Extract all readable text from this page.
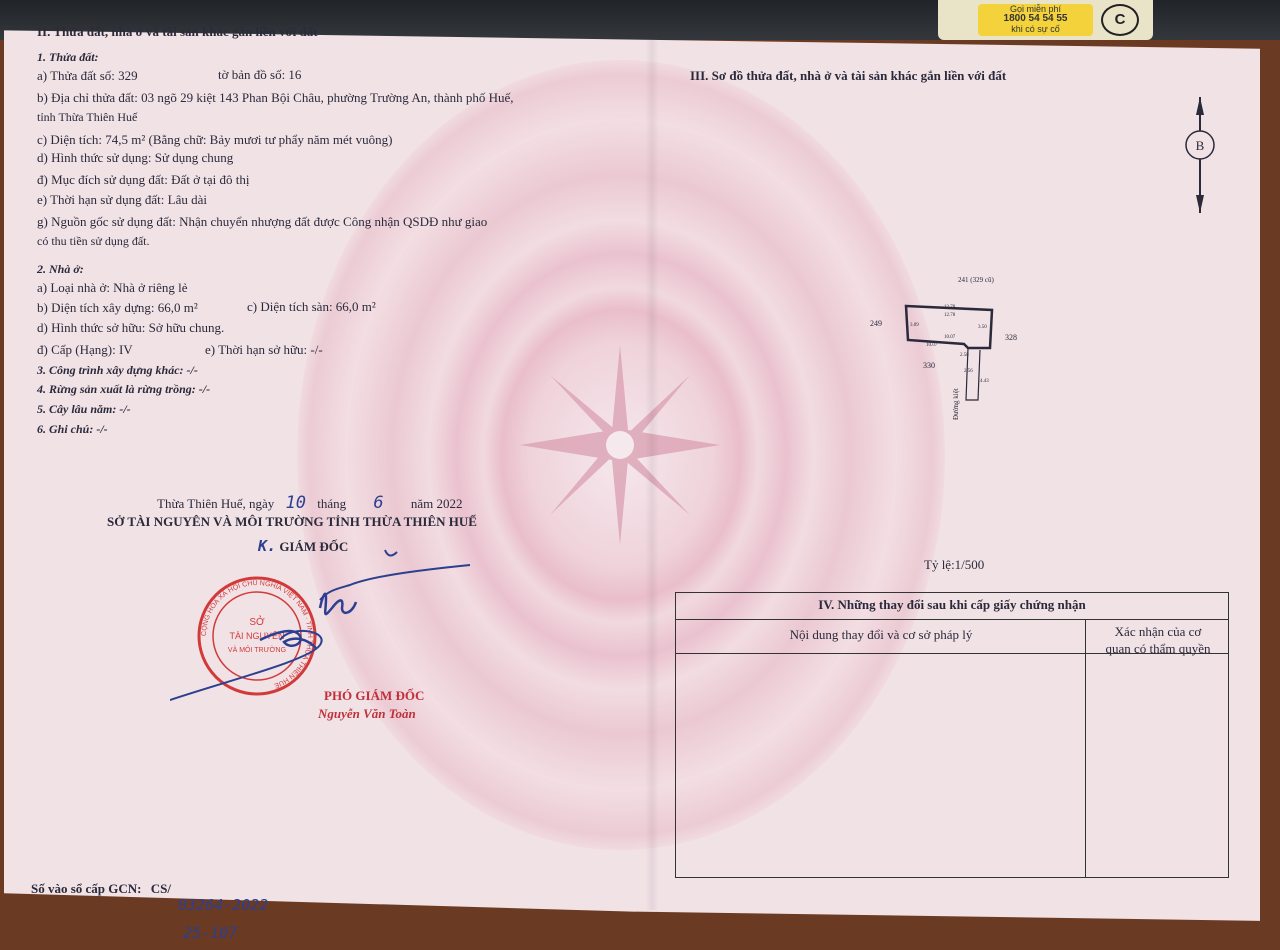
Gọi miễn phí
1800 54 54 55
khi có sự cố
C
II. Thửa đất, nhà ở và tài sản khác gắn liền với đất
1. Thửa đất:
a) Thửa đất số: 329	tờ bản đồ số: 16
b) Địa chỉ thửa đất: 03 ngõ 29 kiệt 143 Phan Bội Châu, phường Trường An, thành phố Huế,
tỉnh Thừa Thiên Huế
c) Diện tích: 74,5 m² (Bằng chữ: Bảy mươi tư phẩy năm mét vuông)
d) Hình thức sử dụng: Sử dụng chung
đ) Mục đích sử dụng đất: Đất ở tại đô thị
e) Thời hạn sử dụng đất: Lâu dài
g) Nguồn gốc sử dụng đất: Nhận chuyển nhượng đất được Công nhận QSDĐ như giao
có thu tiền sử dụng đất.
2. Nhà ở:
a) Loại nhà ở: Nhà ở riêng lẻ
b) Diện tích xây dựng: 66,0 m²	c) Diện tích sàn: 66,0 m²
d) Hình thức sở hữu: Sở hữu chung.
đ) Cấp (Hạng): IV	e) Thời hạn sở hữu: -/-
3. Công trình xây dựng khác: -/-
4. Rừng sản xuất là rừng trồng: -/-
5. Cây lâu năm: -/-
6. Ghi chú: -/-
Thừa Thiên Huế, ngày 10 tháng 6 năm 2022
SỞ TÀI NGUYÊN VÀ MÔI TRƯỜNG TỈNH THỪA THIÊN HUẾ
K. GIÁM ĐỐC
CỘNG HÒA XÃ HỘI CHỦ NGHĨA VIỆT NAM · TỈNH THỪA THIÊN HUẾ
SỞ
TÀI NGUYÊN
VÀ MÔI TRƯỜNG
PHÓ GIÁM ĐỐC
Nguyễn Văn Toàn
Số vào sổ cấp GCN: CS/
03264-2022
25-107
III. Sơ đồ thửa đất, nhà ở và tài sản khác gắn liền với đất
B
241 (329 cũ)
249
328
330
Đường kiệt
12.78
12.78
3.09	3.50
10.07
2.58
2.56
4.43
10.07
Tỷ lệ:1/500
IV. Những thay đổi sau khi cấp giấy chứng nhận
Nội dung thay đổi và cơ sở pháp lý	Xác nhận của cơ
quan có thẩm quyền
